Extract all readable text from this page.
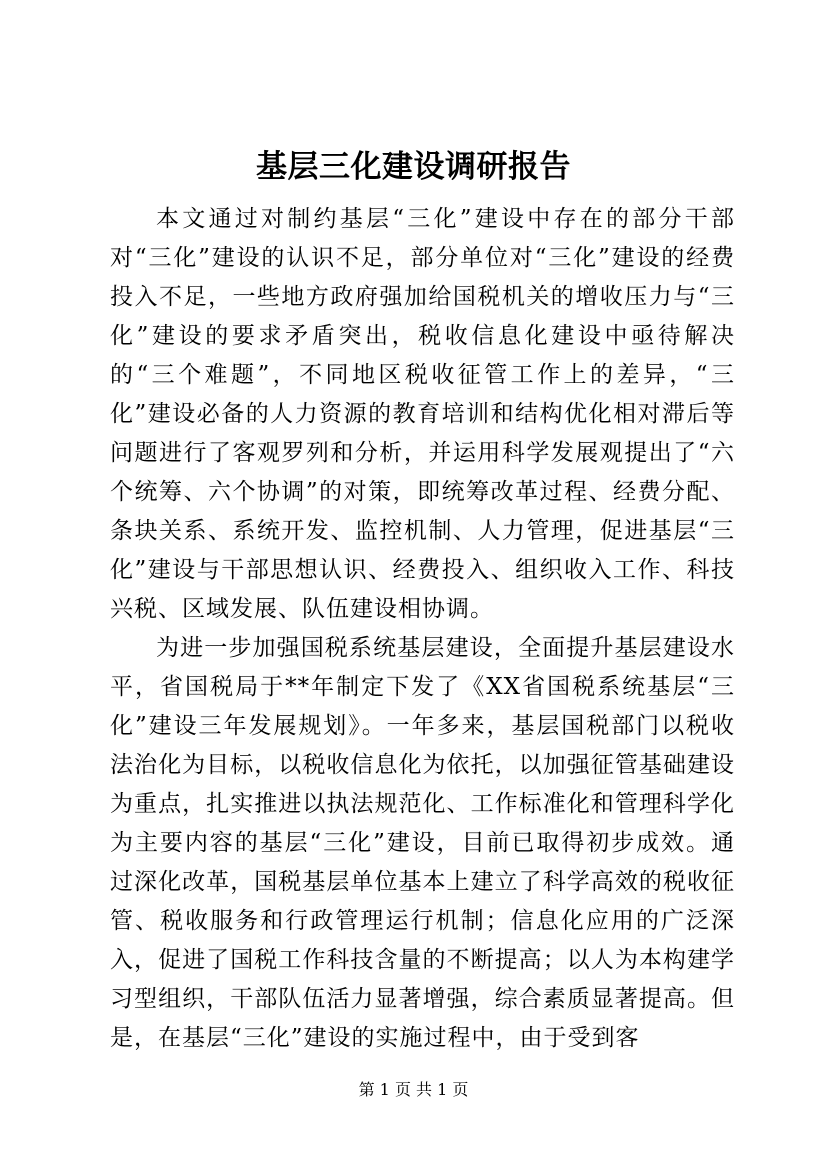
基层三化建设调研报告

本文通过对制约基层“三化”建设中存在的部分干部对“三化”建设的认识不足，部分单位对“三化”建设的经费投入不足，一些地方政府强加给国税机关的增收压力与“三化”建设的要求矛盾突出，税收信息化建设中亟待解决的“三个难题”，不同地区税收征管工作上的差异，“三化”建设必备的人力资源的教育培训和结构优化相对滞后等问题进行了客观罗列和分析，并运用科学发展观提出了“六个统筹、六个协调”的对策，即统筹改革过程、经费分配、条块关系、系统开发、监控机制、人力管理，促进基层“三化”建设与干部思想认识、经费投入、组织收入工作、科技兴税、区域发展、队伍建设相协调。

为进一步加强国税系统基层建设，全面提升基层建设水平，省国税局于**年制定下发了《XX省国税系统基层“三化”建设三年发展规划》。一年多来，基层国税部门以税收法治化为目标，以税收信息化为依托，以加强征管基础建设为重点，扎实推进以执法规范化、工作标准化和管理科学化为主要内容的基层“三化”建设，目前已取得初步成效。通过深化改革，国税基层单位基本上建立了科学高效的税收征管、税收服务和行政管理运行机制；信息化应用的广泛深入，促进了国税工作科技含量的不断提高；以人为本构建学习型组织，干部队伍活力显著增强，综合素质显著提高。但是，在基层“三化”建设的实施过程中，由于受到客

第 1 页 共 1 页
